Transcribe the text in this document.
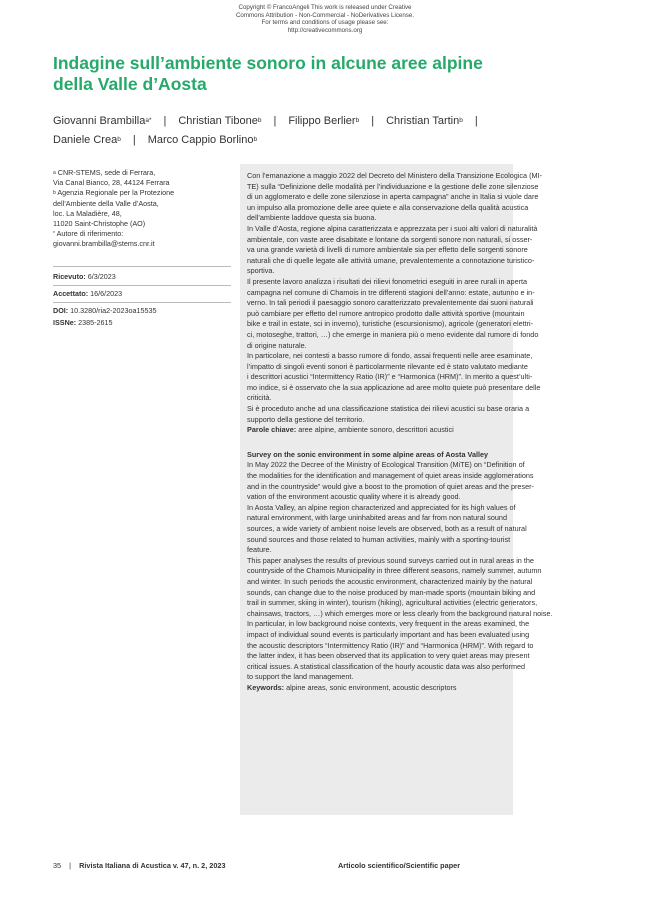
Copyright © FrancoAngeli This work is released under Creative
Commons Attribution - Non-Commercial - NoDerivatives License.
For terms and conditions of usage please see:
http://creativecommons.org
Indagine sull’ambiente sonoro in alcune aree alpine
della Valle d’Aosta
Giovanni Brambilla$^{a*}$ | Christian Tibone$^b$ | Filippo Berlier$^b$ | Christian Tartin$^b$ |
Daniele Crea$^b$ | Marco Cappio Borlino$^b$
$^a$ CNR-STEMS, sede di Ferrara,
Via Canal Bianco, 28, 44124 Ferrara
$^b$ Agenzia Regionale per la Protezione
dell’Ambiente della Valle d’Aosta,
loc. La Maladière, 48,
11020 Saint-Christophe (AO)
* Autore di riferimento:
giovanni.brambilla@stems.cnr.it
Ricevuto: 6/3/2023
Accettato: 16/6/2023
DOI: 10.3280/ria2-2023oa15535
ISSNe: 2385-2615

Con l’emanazione a maggio 2022 del Decreto del Ministero della Transizione Ecologica (MI-

TE) sulla “Definizione delle modalità per l’individuazione e la gestione delle zone silenziose

di un agglomerato e delle zone silenziose in aperta campagna” anche in Italia si vuole dare

un impulso alla promozione delle aree quiete e alla conservazione della qualità acustica

dell’ambiente laddove questa sia buona.

In Valle d’Aosta, regione alpina caratterizzata e apprezzata per i suoi alti valori di naturalità

ambientale, con vaste aree disabitate e lontane da sorgenti sonore non naturali, si osser-

va una grande varietà di livelli di rumore ambientale sia per effetto delle sorgenti sonore

naturali che di quelle legate alle attività umane, prevalentemente a connotazione turistico-

sportiva.

Il presente lavoro analizza i risultati dei rilievi fonometrici eseguiti in aree rurali in aperta

campagna nel comune di Chamois in tre differenti stagioni dell’anno: estate, autunno e in-

verno. In tali periodi il paesaggio sonoro caratterizzato prevalentemente dai suoni naturali

può cambiare per effetto del rumore antropico prodotto dalle attività sportive (mountain

bike e trail in estate, sci in inverno), turistiche (escursionismo), agricole (generatori elettri-

ci, motoseghe, trattori, …) che emerge in maniera più o meno evidente dal rumore di fondo

di origine naturale.

In particolare, nei contesti a basso rumore di fondo, assai frequenti nelle aree esaminate,

l’impatto di singoli eventi sonori è particolarmente rilevante ed è stato valutato mediante

i descrittori acustici “Intermittency Ratio (IR)” e “Harmonica (HRM)”. In merito a quest’ulti-

mo indice, si è osservato che la sua applicazione ad aree molto quiete può presentare delle

criticità.

Si è proceduto anche ad una classificazione statistica dei rilievi acustici su base oraria a

supporto della gestione del territorio.

Parole chiave: aree alpine, ambiente sonoro, descrittori acustici

Survey on the sonic environment in some alpine areas of Aosta Valley

In May 2022 the Decree of the Ministry of Ecological Transition (MiTE) on “Definition of

the modalities for the identification and management of quiet areas inside agglomerations

and in the countryside” would give a boost to the promotion of quiet areas and the preser-

vation of the environment acoustic quality where it is already good.

In Aosta Valley, an alpine region characterized and appreciated for its high values of

natural environment, with large uninhabited areas and far from non natural sound

sources, a wide variety of ambient noise levels are observed, both as a result of natural

sound sources and those related to human activities, mainly with a sporting-tourist

feature.

This paper analyses the results of previous sound surveys carried out in rural areas in the

countryside of the Chamois Municipality in three different seasons, namely summer, autumn

and winter. In such periods the acoustic environment, characterized mainly by the natural

sounds, can change due to the noise produced by man-made sports (mountain biking and

trail in summer, skiing in winter), tourism (hiking), agricultural activities (electric generators,

chainsaws, tractors, …) which emerges more or less clearly from the background natural noise.

In particular, in low background noise contexts, very frequent in the areas examined, the

impact of individual sound events is particularly important and has been evaluated using

the acoustic descriptors “Intermittency Ratio (IR)” and “Harmonica (HRM)”. With regard to

the latter index, it has been observed that its application to very quiet areas may present

critical issues. A statistical classification of the hourly acoustic data was also performed

to support the land management.

Keywords: alpine areas, sonic environment, acoustic descriptors

35 | Rivista Italiana di Acustica v. 47, n. 2, 2023	Articolo scientifico/Scientific paper
